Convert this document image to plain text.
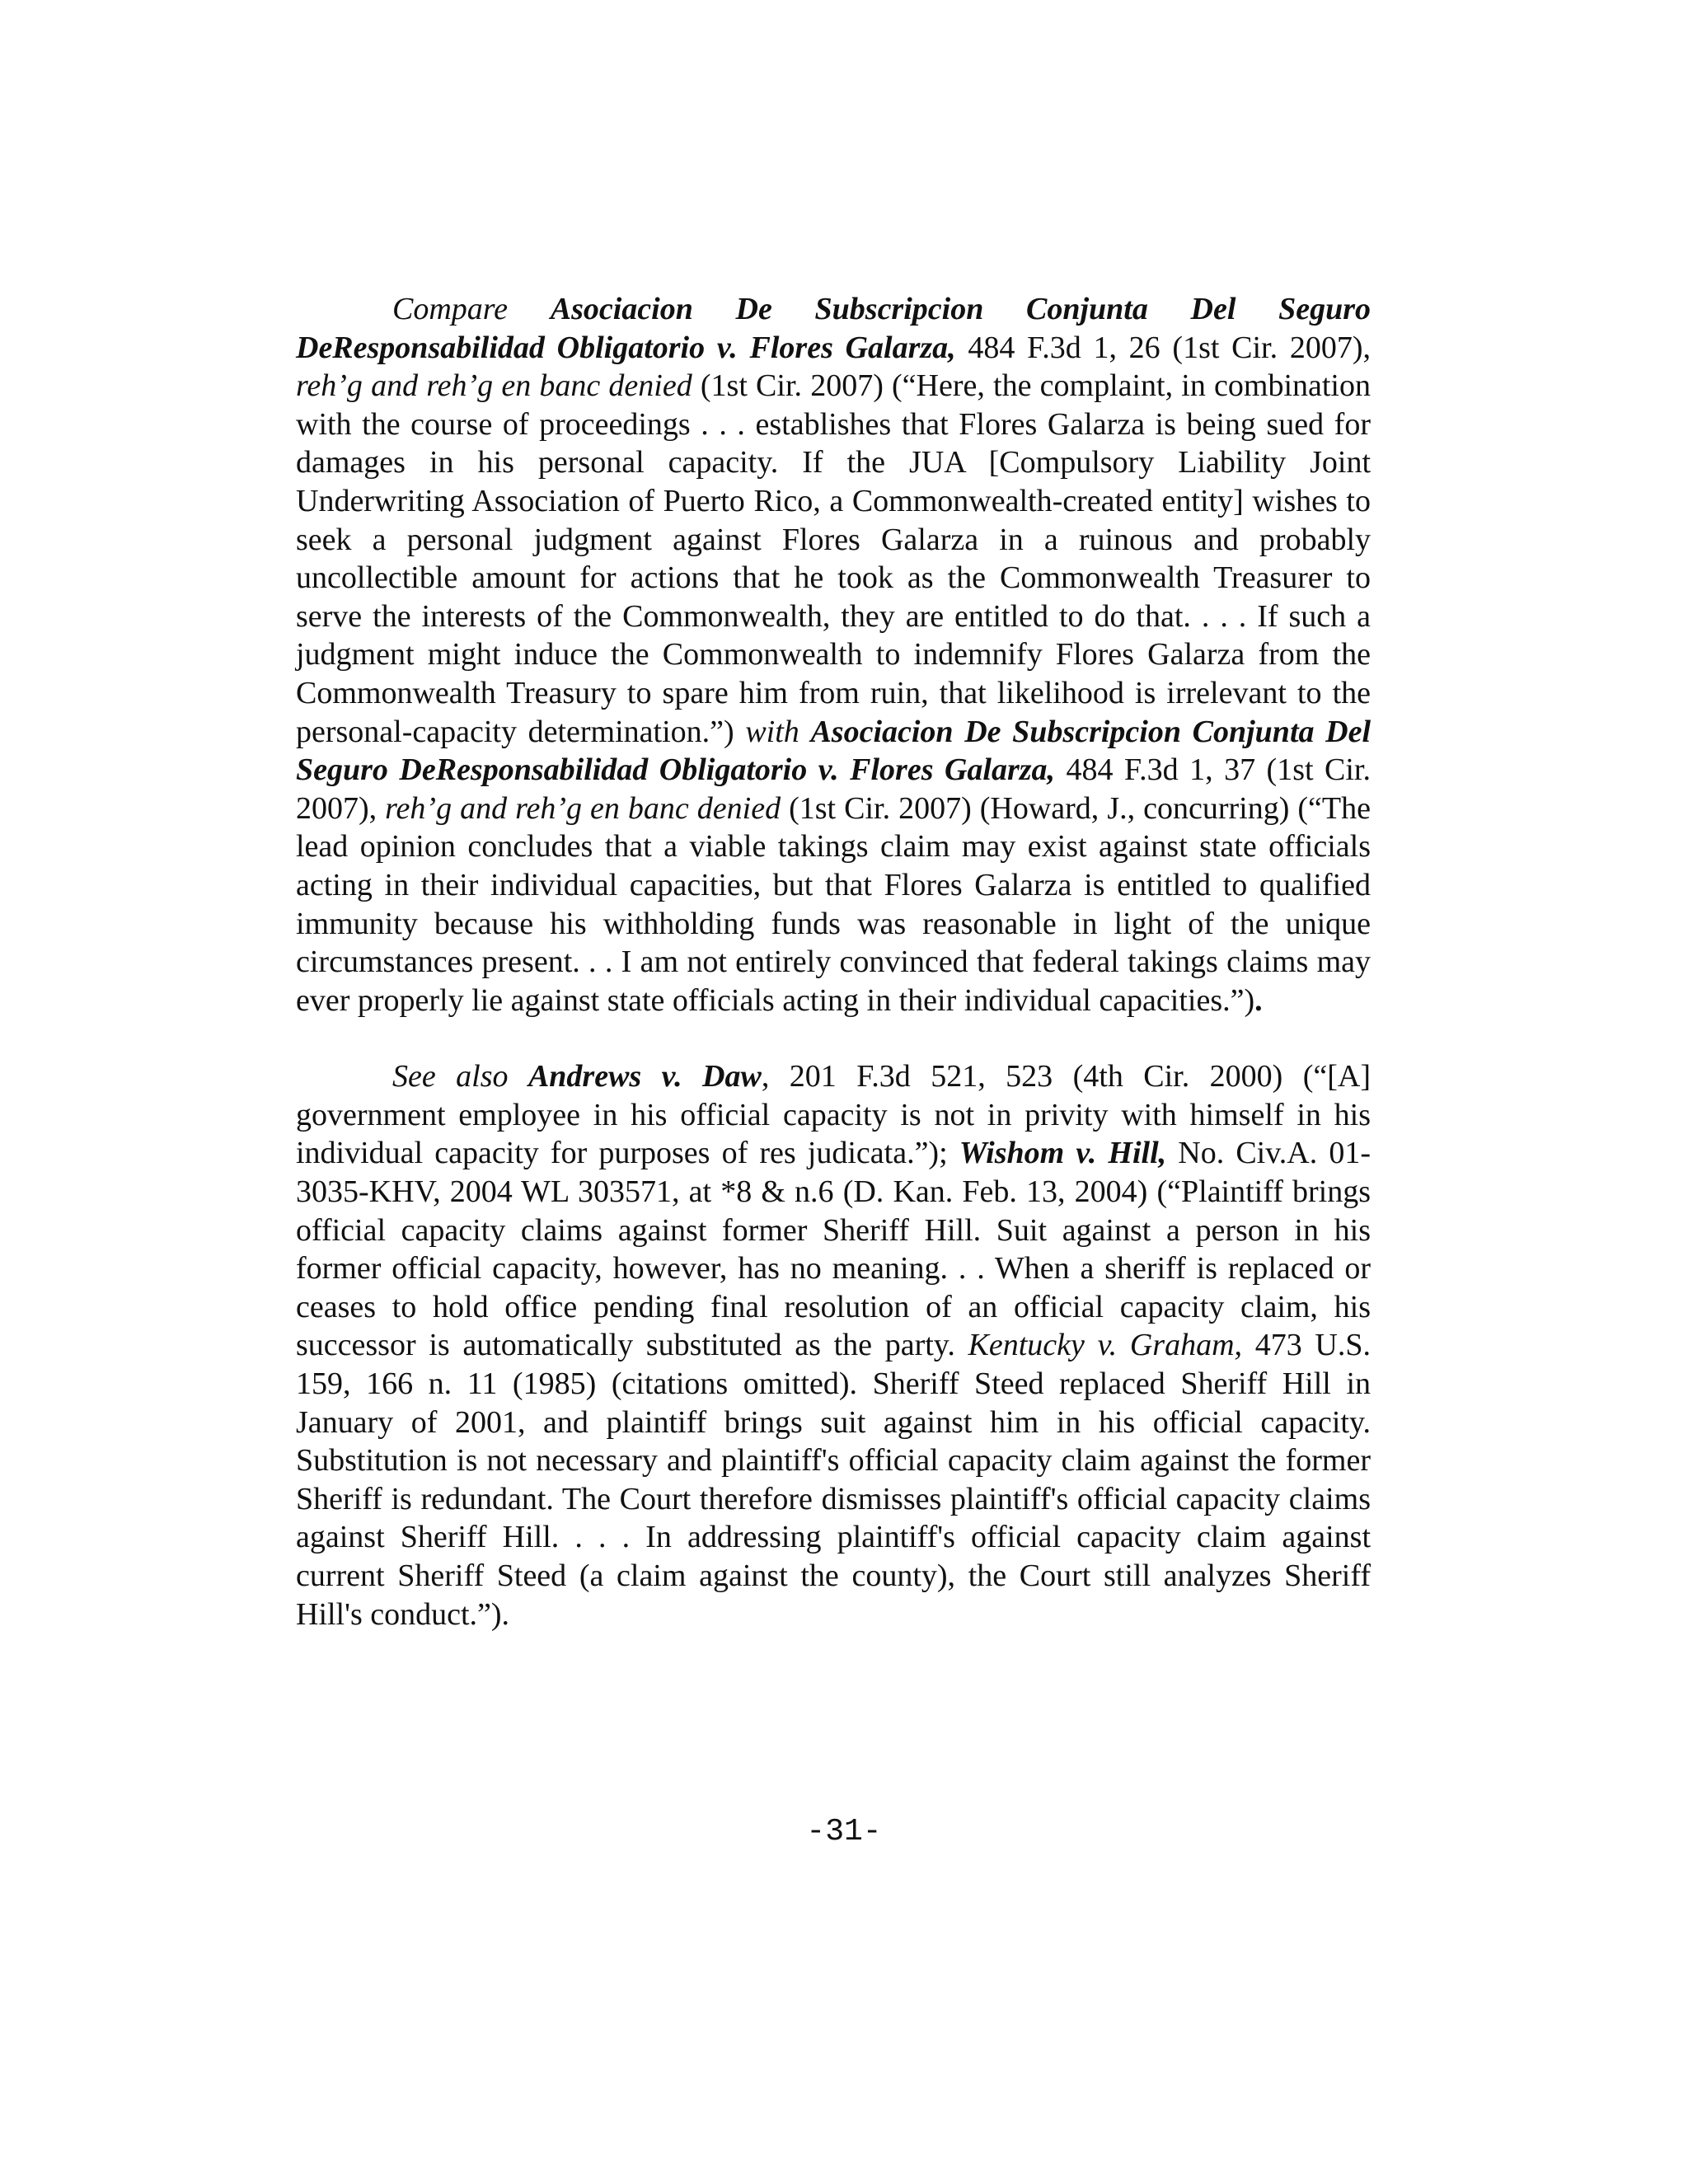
Compare Asociacion De Subscripcion Conjunta Del Seguro DeResponsabilidad Obligatorio v. Flores Galarza, 484 F.3d 1, 26 (1st Cir. 2007), reh’g and reh’g en banc denied (1st Cir. 2007) (“Here, the complaint, in combination with the course of proceedings . . . establishes that Flores Galarza is being sued for damages in his personal capacity. If the JUA [Compulsory Liability Joint Underwriting Association of Puerto Rico, a Commonwealth-created entity] wishes to seek a personal judgment against Flores Galarza in a ruinous and probably uncollectible amount for actions that he took as the Commonwealth Treasurer to serve the interests of the Commonwealth, they are entitled to do that. . . . If such a judgment might induce the Commonwealth to indemnify Flores Galarza from the Commonwealth Treasury to spare him from ruin, that likelihood is irrelevant to the personal-capacity determination.”) with Asociacion De Subscripcion Conjunta Del Seguro DeResponsabilidad Obligatorio v. Flores Galarza, 484 F.3d 1, 37 (1st Cir. 2007), reh’g and reh’g en banc denied (1st Cir. 2007) (Howard, J., concurring) (“The lead opinion concludes that a viable takings claim may exist against state officials acting in their individual capacities, but that Flores Galarza is entitled to qualified immunity because his withholding funds was reasonable in light of the unique circumstances present. . . I am not entirely convinced that federal takings claims may ever properly lie against state officials acting in their individual capacities.”).

See also Andrews v. Daw, 201 F.3d 521, 523 (4th Cir. 2000) (“[A] government employee in his official capacity is not in privity with himself in his individual capacity for purposes of res judicata.”); Wishom v. Hill, No. Civ.A. 01-3035-KHV, 2004 WL 303571, at *8 & n.6 (D. Kan. Feb. 13, 2004) (“Plaintiff brings official capacity claims against former Sheriff Hill. Suit against a person in his former official capacity, however, has no meaning. . . When a sheriff is replaced or ceases to hold office pending final resolution of an official capacity claim, his successor is automatically substituted as the party. Kentucky v. Graham, 473 U.S. 159, 166 n. 11 (1985) (citations omitted). Sheriff Steed replaced Sheriff Hill in January of 2001, and plaintiff brings suit against him in his official capacity. Substitution is not necessary and plaintiff's official capacity claim against the former Sheriff is redundant. The Court therefore dismisses plaintiff's official capacity claims against Sheriff Hill. . . . In addressing plaintiff's official capacity claim against current Sheriff Steed (a claim against the county), the Court still analyzes Sheriff Hill's conduct.”).

-31-
